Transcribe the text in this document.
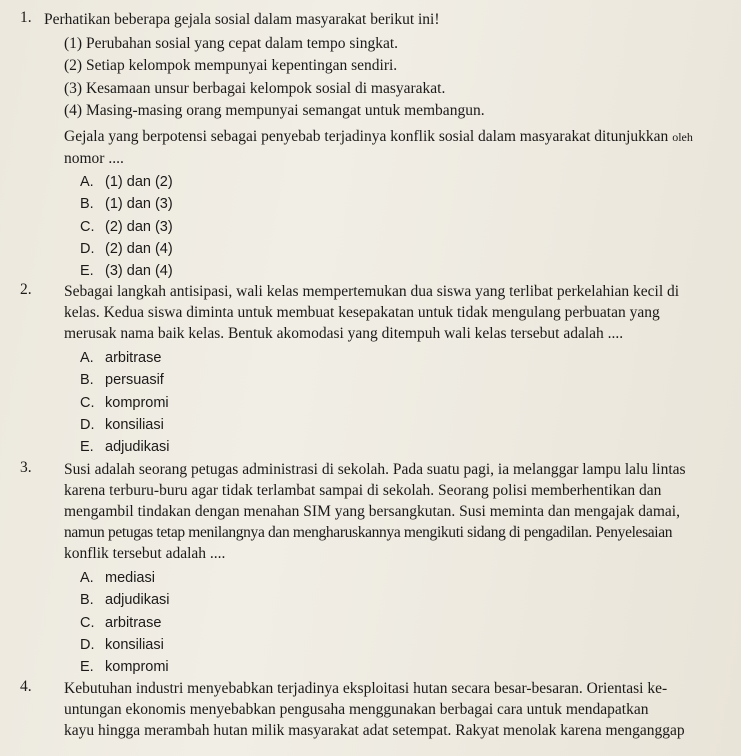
1. Perhatikan beberapa gejala sosial dalam masyarakat berikut ini!
(1) Perubahan sosial yang cepat dalam tempo singkat.
(2) Setiap kelompok mempunyai kepentingan sendiri.
(3) Kesamaan unsur berbagai kelompok sosial di masyarakat.
(4) Masing-masing orang mempunyai semangat untuk membangun.
Gejala yang berpotensi sebagai penyebab terjadinya konflik sosial dalam masyarakat ditunjukkan oleh
nomor ....
A. (1) dan (2)
B. (1) dan (3)
C. (2) dan (3)
D. (2) dan (4)
E. (3) dan (4)
2. Sebagai langkah antisipasi, wali kelas mempertemukan dua siswa yang terlibat perkelahian kecil di
kelas. Kedua siswa diminta untuk membuat kesepakatan untuk tidak mengulang perbuatan yang
merusak nama baik kelas. Bentuk akomodasi yang ditempuh wali kelas tersebut adalah ....
A. arbitrase
B. persuasif
C. kompromi
D. konsiliasi
E. adjudikasi
3. Susi adalah seorang petugas administrasi di sekolah. Pada suatu pagi, ia melanggar lampu lalu lintas
karena terburu-buru agar tidak terlambat sampai di sekolah. Seorang polisi memberhentikan dan
mengambil tindakan dengan menahan SIM yang bersangkutan. Susi meminta dan mengajak damai,
namun petugas tetap menilangnya dan mengharuskannya mengikuti sidang di pengadilan. Penyelesaian
konflik tersebut adalah ....
A. mediasi
B. adjudikasi
C. arbitrase
D. konsiliasi
E. kompromi
4. Kebutuhan industri menyebabkan terjadinya eksploitasi hutan secara besar-besaran. Orientasi ke-
untungan ekonomis menyebabkan pengusaha menggunakan berbagai cara untuk mendapatkan
kayu hingga merambah hutan milik masyarakat adat setempat. Rakyat menolak karena menganggap
